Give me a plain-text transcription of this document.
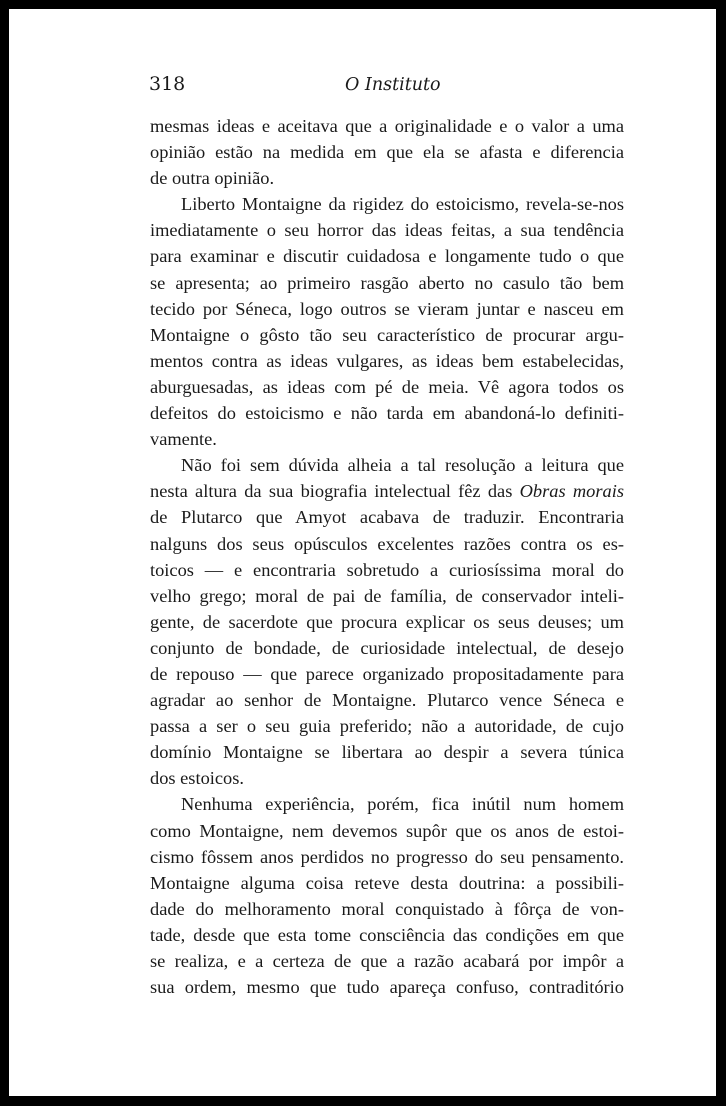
318	O Instituto
mesmas ideas e aceitava que a originalidade e o valor a uma
opinião estão na medida em que ela se afasta e diferencia
de outra opinião.
Liberto Montaigne da rigidez do estoicismo, revela-se-nos
imediatamente o seu horror das ideas feitas, a sua tendência
para examinar e discutir cuidadosa e longamente tudo o que
se apresenta; ao primeiro rasgão aberto no casulo tão bem
tecido por Séneca, logo outros se vieram juntar e nasceu em
Montaigne o gôsto tão seu característico de procurar argu-
mentos contra as ideas vulgares, as ideas bem estabelecidas,
aburguesadas, as ideas com pé de meia. Vê agora todos os
defeitos do estoicismo e não tarda em abandoná-lo definiti-
vamente.
Não foi sem dúvida alheia a tal resolução a leitura que
nesta altura da sua biografia intelectual fêz das Obras morais
de Plutarco que Amyot acabava de traduzir. Encontraria
nalguns dos seus opúsculos excelentes razões contra os es-
toicos — e encontraria sobretudo a curiosíssima moral do
velho grego; moral de pai de família, de conservador inteli-
gente, de sacerdote que procura explicar os seus deuses; um
conjunto de bondade, de curiosidade intelectual, de desejo
de repouso — que parece organizado propositadamente para
agradar ao senhor de Montaigne. Plutarco vence Séneca e
passa a ser o seu guia preferido; não a autoridade, de cujo
domínio Montaigne se libertara ao despir a severa túnica
dos estoicos.
Nenhuma experiência, porém, fica inútil num homem
como Montaigne, nem devemos supôr que os anos de estoi-
cismo fôssem anos perdidos no progresso do seu pensamento.
Montaigne alguma coisa reteve desta doutrina: a possibili-
dade do melhoramento moral conquistado à fôrça de von-
tade, desde que esta tome consciência das condições em que
se realiza, e a certeza de que a razão acabará por impôr a
sua ordem, mesmo que tudo apareça confuso, contraditório
